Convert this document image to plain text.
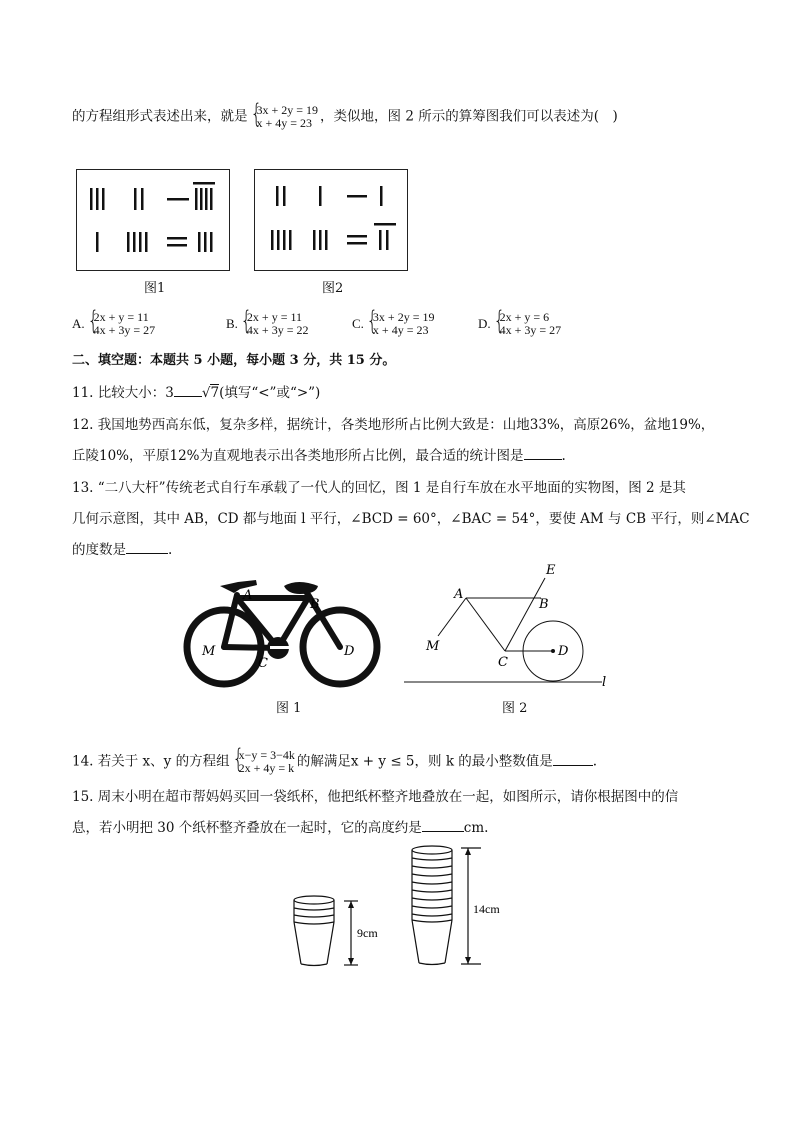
的方程组形式表述出来，就是 { 3x + 2y = 19
x + 4y = 23 ，类似地，图 2 所示的算筹图我们可以表述为(　)
图1	图2
A. { 2x + y = 11
4x + 3y = 27	B. { 2x + y = 11
4x + 3y = 22	C. { 3x + 2y = 19
x + 4y = 23	D. { 2x + y = 6
4x + 3y = 27
二、填空题：本题共 5 小题，每小题 3 分，共 15 分。
11. 比较大小：3 √7(填写“<”或“>”)
12. 我国地势西高东低，复杂多样，据统计，各类地形所占比例大致是：山地33%，高原26%，盆地19%，
丘陵10%，平原12%为直观地表示出各类地形所占比例，最合适的统计图是	.
13. “二八大杆”传统老式自行车承载了一代人的回忆，图 1 是自行车放在水平地面的实物图，图 2 是其
几何示意图，其中 AB，CD 都与地面 l 平行，∠BCD = 60°，∠BAC = 54°，要使 AM 与 CB 平行，则∠MAC
的度数是	.
A
B
C
D
M
图 1
A
B
C
D
E
M
l
图 2
14. 若关于 x、y 的方程组 { x−y = 3−4k
2x + 4y = k 的解满足x + y ≤ 5，则 k 的最小整数值是	.
15. 周末小明在超市帮妈妈买回一袋纸杯，他把纸杯整齐地叠放在一起，如图所示，请你根据图中的信
息，若小明把 30 个纸杯整齐叠放在一起时，它的高度约是	cm.
9cm
14cm
